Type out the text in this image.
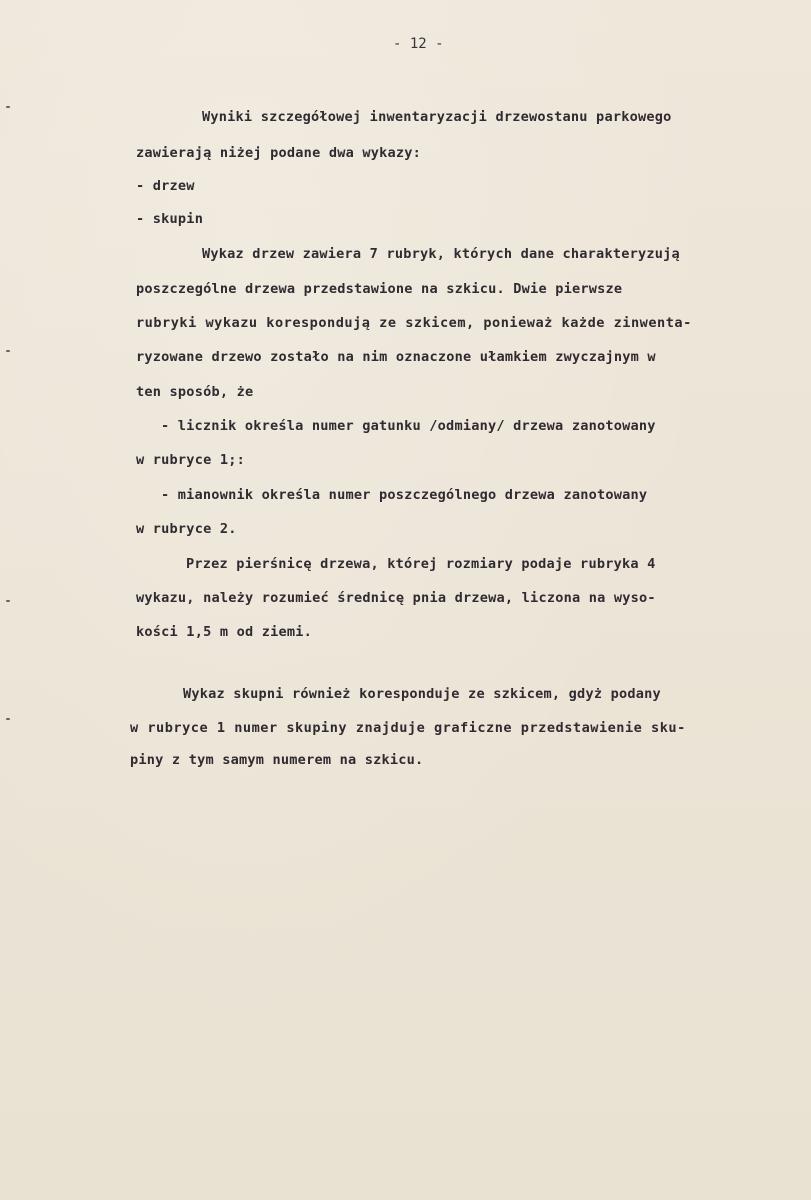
- 12 -
Wyniki szczegółowej inwentaryzacji drzewostanu parkowego
zawierają niżej podane dwa wykazy:
- drzew
- skupin
Wykaz drzew zawiera 7 rubryk, których dane charakteryzują
poszczególne drzewa przedstawione na szkicu. Dwie pierwsze
rubryki wykazu korespondują ze szkicem, ponieważ każde zinwenta-
ryzowane drzewo zostało na nim oznaczone ułamkiem zwyczajnym w
ten sposób, że
- licznik określa numer gatunku /odmiany/ drzewa zanotowany
w rubryce 1;:
- mianownik określa numer poszczególnego drzewa zanotowany
w rubryce 2.
Przez pierśnicę drzewa, której rozmiary podaje rubryka 4
wykazu, należy rozumieć średnicę pnia drzewa, liczona na wyso-
kości 1,5 m od ziemi.
Wykaz skupni również koresponduje ze szkicem, gdyż podany
w rubryce 1 numer skupiny znajduje graficzne przedstawienie sku-
piny z tym samym numerem na szkicu.
